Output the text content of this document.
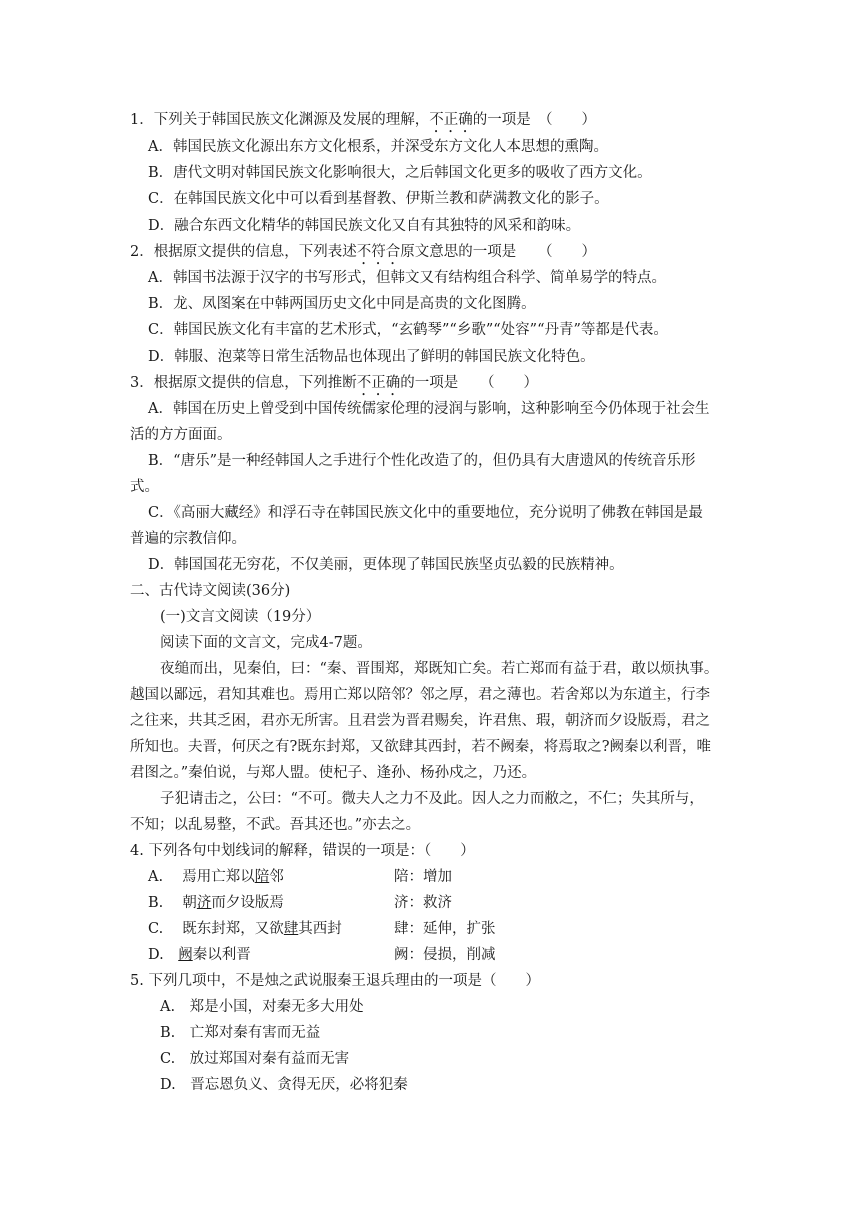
1．下列关于韩国民族文化渊源及发展的理解，不正确的一项是　（　　）
A．韩国民族文化源出东方文化根系，并深受东方文化人本思想的熏陶。
B．唐代文明对韩国民族文化影响很大，之后韩国文化更多的吸收了西方文化。
C．在韩国民族文化中可以看到基督教、伊斯兰教和萨满教文化的影子。
D．融合东西文化精华的韩国民族文化又自有其独特的风采和韵味。
2．根据原文提供的信息，下列表述不符合原文意思的一项是　　（　　）
A．韩国书法源于汉字的书写形式，但韩文又有结构组合科学、简单易学的特点。
B．龙、凤图案在中韩两国历史文化中同是高贵的文化图腾。
C．韩国民族文化有丰富的艺术形式，“玄鹤琴”“乡歌”“处容”“丹青”等都是代表。
D．韩服、泡菜等日常生活物品也体现出了鲜明的韩国民族文化特色。
3．根据原文提供的信息，下列推断不正确的一项是　　（　　）
A．韩国在历史上曾受到中国传统儒家伦理的浸润与影响，这种影响至今仍体现于社会生
活的方方面面。
B．“唐乐”是一种经韩国人之手进行个性化改造了的，但仍具有大唐遗风的传统音乐形
式。
C．《高丽大藏经》和浮石寺在韩国民族文化中的重要地位，充分说明了佛教在韩国是最
普遍的宗教信仰。
D．韩国国花无穷花，不仅美丽，更体现了韩国民族坚贞弘毅的民族精神。
二、古代诗文阅读(36分)
(一)文言文阅读（19分）
阅读下面的文言文，完成4-7题。
夜缒而出，见秦伯，曰：“秦、晋围郑，郑既知亡矣。若亡郑而有益于君，敢以烦执事。
越国以鄙远，君知其难也。焉用亡郑以陪邻？邻之厚，君之薄也。若舍郑以为东道主，行李
之往来，共其乏困，君亦无所害。且君尝为晋君赐矣，许君焦、瑕，朝济而夕设版焉，君之
所知也。夫晋，何厌之有?既东封郑，又欲肆其西封，若不阙秦，将焉取之?阙秦以利晋，唯
君图之。”秦伯说，与郑人盟。使杞子、逢孙、杨孙戍之，乃还。
子犯请击之，公曰：“不可。微夫人之力不及此。因人之力而敝之，不仁；失其所与，
不知；以乱易整，不武。吾其还也。”亦去之。
4. 下列各句中划线词的解释，错误的一项是：（　　）
A.　 焉用亡郑以陪邻	陪：增加
B.　 朝济而夕设版焉	济：救济
C.　 既东封郑，又欲肆其西封	肆：延伸，扩张
D.　阙秦以利晋	阙：侵损，削减
5. 下列几项中，不是烛之武说服秦王退兵理由的一项是（　　）
A.　郑是小国，对秦无多大用处
B.　亡郑对秦有害而无益
C.　放过郑国对秦有益而无害
D.　晋忘恩负义、贪得无厌，必将犯秦
